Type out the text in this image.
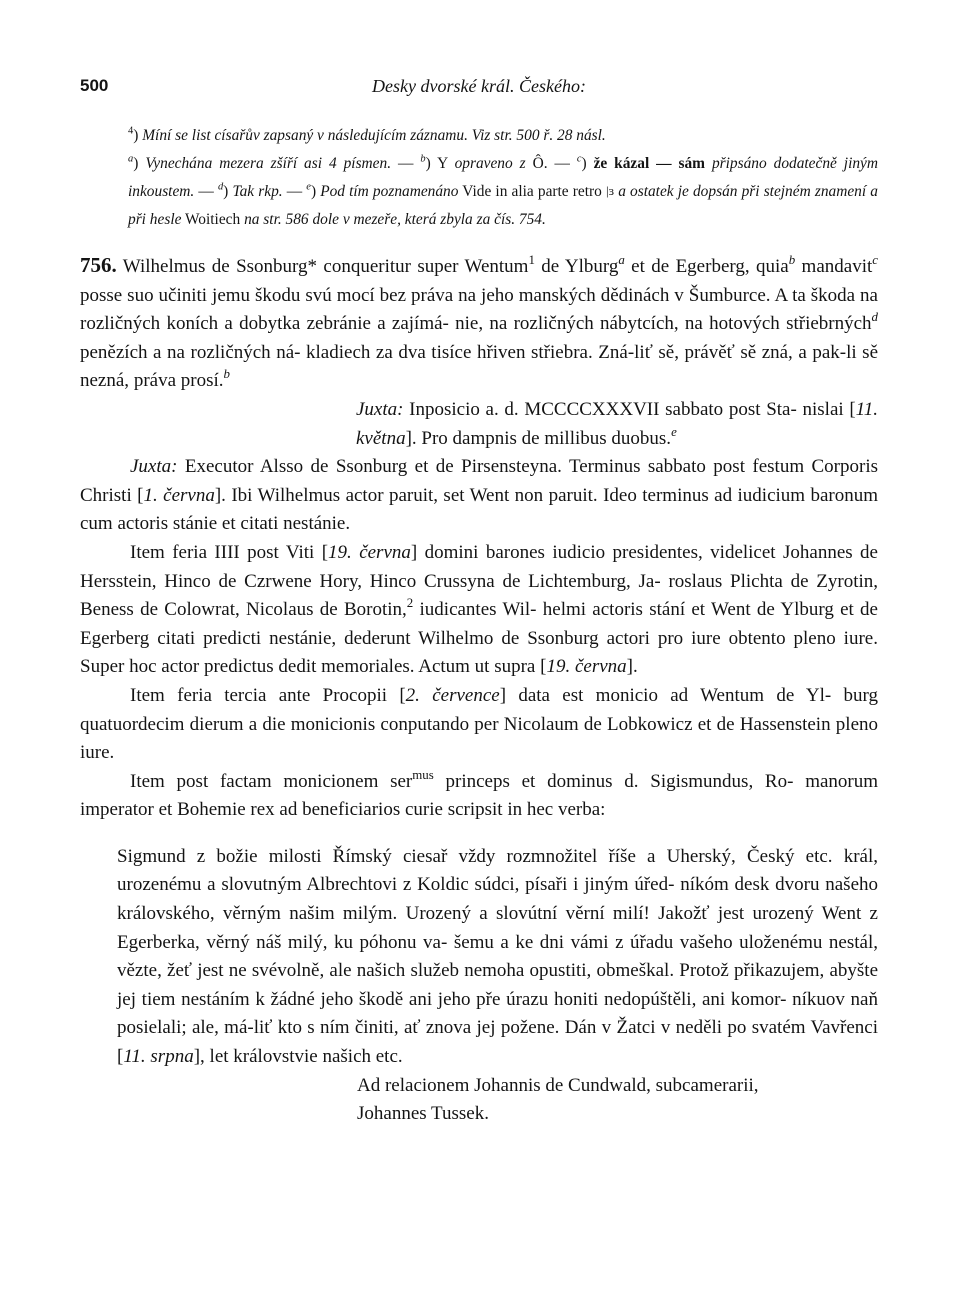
500	Desky dvorské král. Českého:
$^4$) Míní se list císařův zapsaný v následujícím záznamu. Viz str. 500 ř. 28 násl.
$^a$) Vynechána mezera zšíří asi 4 písmen. — $^b$) Y opraveno z Ô. — $^c$) že kázal — sám připsáno dodatečně jiným inkoustem. — $^d$) Tak rkp. — $^e$) Pod tím poznamenáno Vide in alia parte retro |ɜ a ostatek je dopsán při stejném znamení a při hesle Woitiech na str. 586 dole v mezeře, která zbyla za čís. 754.

756. Wilhelmus de Ssonburg* conqueritur super Wentum$^1$ de Ylburg$^a$ et de Egerberg, quia$^b$ mandavit$^c$ posse suo učiniti jemu škodu svú mocí bez práva na jeho manských dědinách v Šumburce. A ta škoda na rozličných koních a dobytka zebránie a zajímá- nie, na rozličných nábytcích, na hotových střiebrných$^d$ penězích a na rozličných ná- kladiech za dva tisíce hřiven střiebra. Zná-liť sě, právěť sě zná, a pak-li sě nezná, práva prosí.$^b$

Juxta: Inposicio a. d. MCCCCXXXVII sabbato post Sta- nislai [11. května]. Pro dampnis de millibus duobus.$^e$

Juxta: Executor Alsso de Ssonburg et de Pirsensteyna. Terminus sabbato post festum Corporis Christi [1. června]. Ibi Wilhelmus actor paruit, set Went non paruit. Ideo terminus ad iudicium baronum cum actoris stánie et citati nestánie.

Item feria IIII post Viti [19. června] domini barones iudicio presidentes, videlicet Johannes de Hersstein, Hinco de Czrwene Hory, Hinco Crussyna de Lichtemburg, Ja- roslaus Plichta de Zyrotin, Beness de Colowrat, Nicolaus de Borotin,$^2$ iudicantes Wil- helmi actoris stání et Went de Ylburg et de Egerberg citati predicti nestánie, dederunt Wilhelmo de Ssonburg actori pro iure obtento pleno iure. Super hoc actor predictus dedit memoriales. Actum ut supra [19. června].

Item feria tercia ante Procopii [2. července] data est monicio ad Wentum de Yl- burg quatuordecim dierum a die monicionis conputando per Nicolaum de Lobkowicz et de Hassenstein pleno iure.

Item post factam monicionem ser$^{mus}$ princeps et dominus d. Sigismundus, Ro- manorum imperator et Bohemie rex ad beneficiarios curie scripsit in hec verba:

Sigmund z božie milosti Římský ciesař vždy rozmnožitel říše a Uherský, Český etc. král, urozenému a slovutným Albrechtovi z Koldic súdci, písaři i jiným úřed- níkóm desk dvoru našeho královského, věrným našim milým. Urozený a slovútní věrní milí! Jakožť jest urozený Went z Egerberka, věrný náš milý, ku póhonu va- šemu a ke dni vámi z úřadu vašeho uloženému nestál, vězte, žeť jest ne svévolně, ale našich služeb nemoha opustiti, obmeškal. Protož přikazujem, abyšte jej tiem nestáním k žádné jeho škodě ani jeho pře úrazu honiti nedopúštěli, ani komor- níkuov naň posielali; ale, má-liť kto s ním činiti, ať znova jej požene. Dán v Žatci v neděli po svatém Vavřenci [11. srpna], let královstvie našich etc.

Ad relacionem Johannis de Cundwald, subcamerarii,
Johannes Tussek.
